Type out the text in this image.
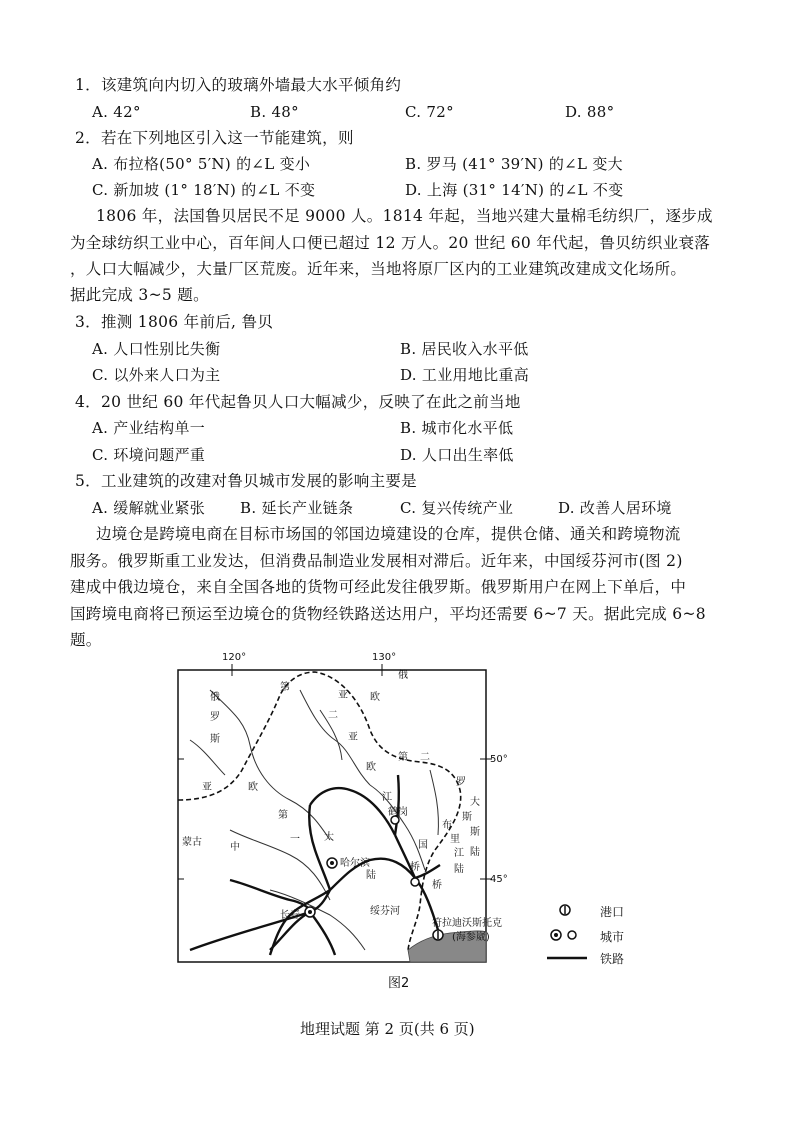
1．该建筑向内切入的玻璃外墙最大水平倾角约
A. 42°	B. 48°	C. 72°	D. 88°
2．若在下列地区引入这一节能建筑，则
A. 布拉格(50° 5′N) 的∠L 变小	B. 罗马 (41° 39′N) 的∠L 变大
C. 新加坡 (1° 18′N) 的∠L 不变	D. 上海 (31° 14′N) 的∠L 不变
1806 年，法国鲁贝居民不足 9000 人。1814 年起，当地兴建大量棉毛纺织厂，逐步成
为全球纺织工业中心，百年间人口便已超过 12 万人。20 世纪 60 年代起，鲁贝纺织业衰落
，人口大幅减少，大量厂区荒废。近年来，当地将原厂区内的工业建筑改建成文化场所。
据此完成 3~5 题。
3．推测 1806 年前后, 鲁贝
A. 人口性别比失衡	B. 居民收入水平低
C. 以外来人口为主	D. 工业用地比重高
4．20 世纪 60 年代起鲁贝人口大幅减少，反映了在此之前当地
A. 产业结构单一	B. 城市化水平低
C. 环境问题严重	D. 人口出生率低
5．工业建筑的改建对鲁贝城市发展的影响主要是
A. 缓解就业紧张 B. 延长产业链条	C. 复兴传统产业	D. 改善人居环境
边境仓是跨境电商在目标市场国的邻国边境建设的仓库，提供仓储、通关和跨境物流
服务。俄罗斯重工业发达，但消费品制造业发展相对滞后。近年来，中国绥芬河市(图 2)
建成中俄边境仓，来自全国各地的货物可经此发往俄罗斯。俄罗斯用户在网上下单后，中
国跨境电商将已预运至边境仓的货物经铁路送达用户，平均还需要 6~7 天。据此完成 6~8
题。
120°	130°
50°
45°
俄
罗
斯
亚	欧
第
一
亚 欧
第
二
亚
欧
第 二
俄
罗
斯
蒙古	中	国
大
陆
桥
桥
江
布
里
江
大
斯
陆
陆
鹤岗
哈尔滨
长春	绥芬河
符拉迪沃斯托克
(海参崴)
港口
城市
铁路
图2
地理试题 第 2 页(共 6 页)
